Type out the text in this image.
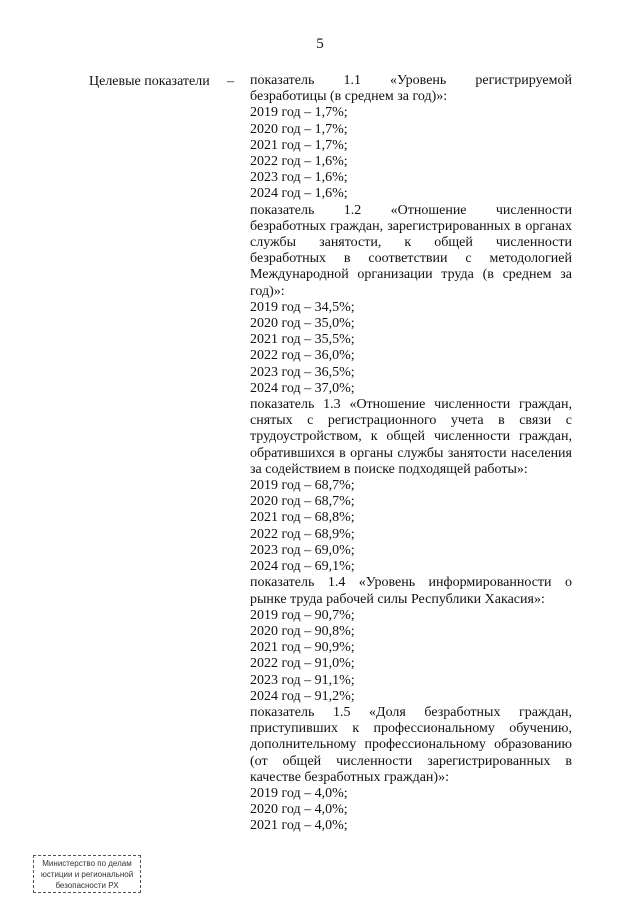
5
Целевые показатели – показатель 1.1 «Уровень регистрируемой безработицы (в среднем за год)»:

2019 год – 1,7%;

2020 год – 1,7%;

2021 год – 1,7%;

2022 год – 1,6%;

2023 год – 1,6%;

2024 год – 1,6%;

показатель 1.2 «Отношение численности безработных граждан, зарегистрированных в органах службы занятости, к общей численности безработных в соответствии с методологией Международной организации труда (в среднем за год)»:

2019 год – 34,5%;

2020 год – 35,0%;

2021 год – 35,5%;

2022 год – 36,0%;

2023 год – 36,5%;

2024 год – 37,0%;

показатель 1.3 «Отношение численности граждан, снятых с регистрационного учета в связи с трудоустройством, к общей численности граждан, обратившихся в органы службы занятости населения за содействием в поиске подходящей работы»:

2019 год – 68,7%;

2020 год – 68,7%;

2021 год – 68,8%;

2022 год – 68,9%;

2023 год – 69,0%;

2024 год – 69,1%;

показатель 1.4 «Уровень информированности о рынке труда рабочей силы Республики Хакасия»:

2019 год – 90,7%;

2020 год – 90,8%;

2021 год – 90,9%;

2022 год – 91,0%;

2023 год – 91,1%;

2024 год – 91,2%;

показатель 1.5 «Доля безработных граждан, приступивших к профессиональному обучению, дополнительному профессиональному образованию (от общей численности зарегистрированных в качестве безработных граждан)»:

2019 год – 4,0%;

2020 год – 4,0%;

2021 год – 4,0%;

Министерство по делам
юстиции и региональной
безопасности РХ
